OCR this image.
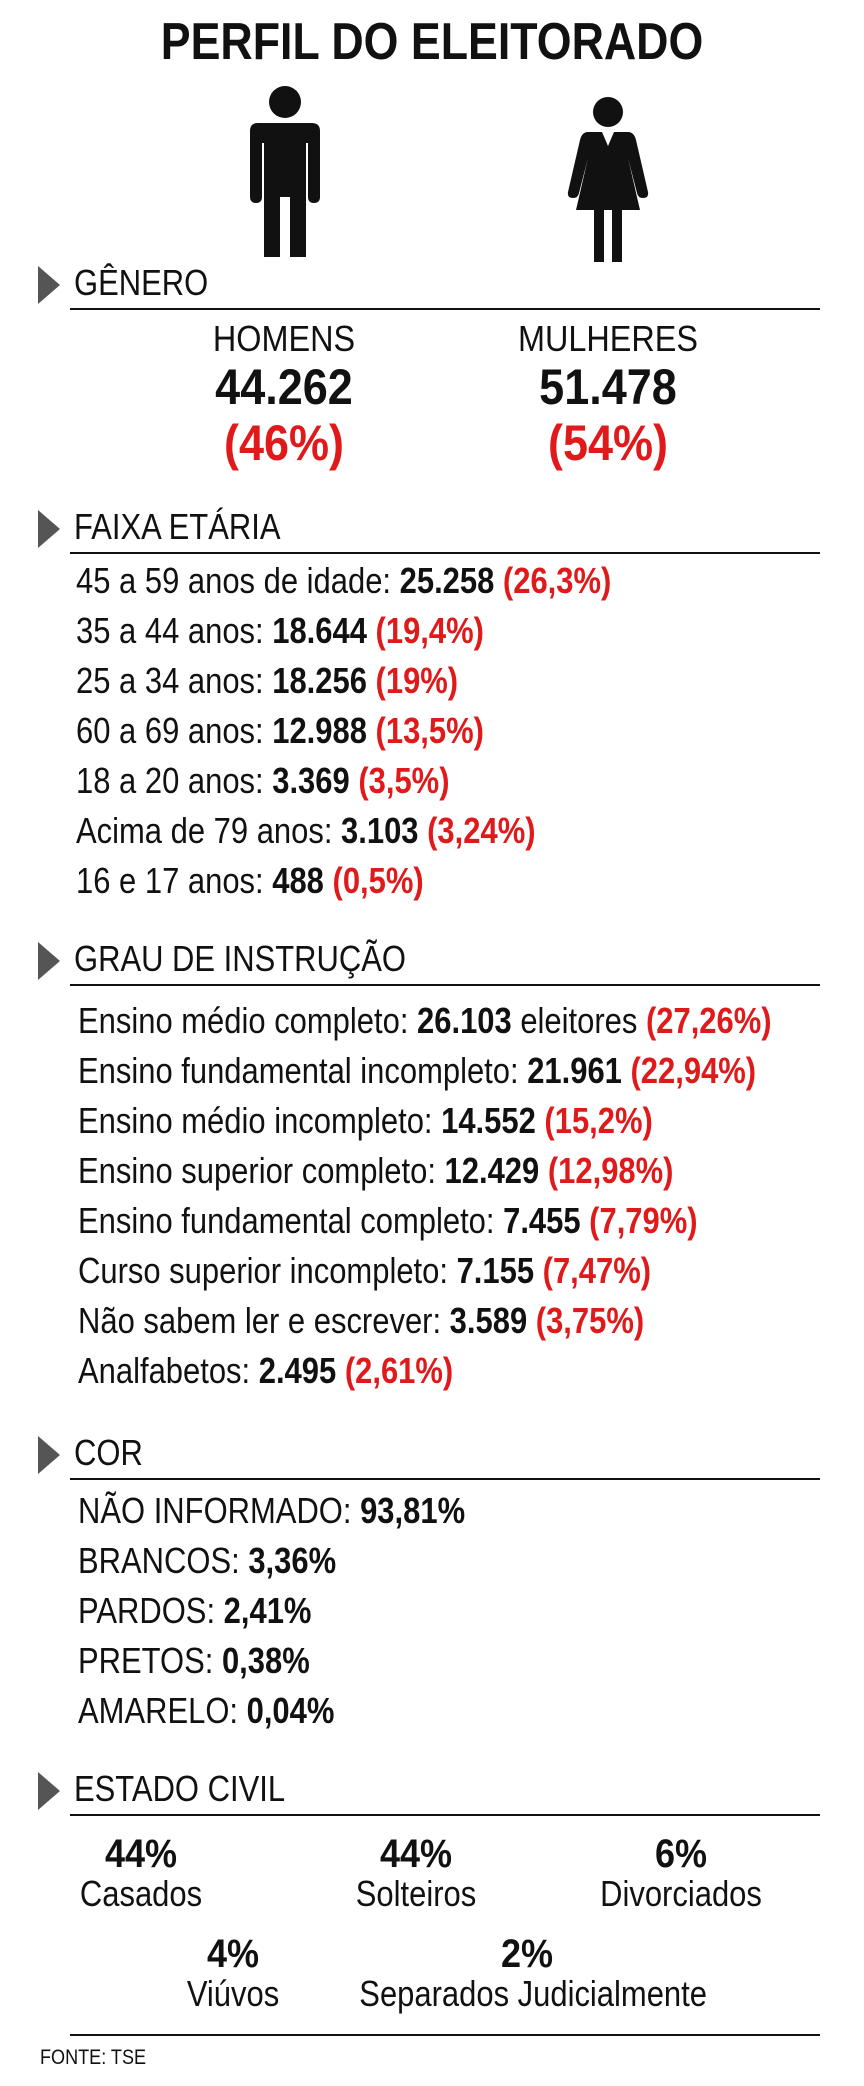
PERFIL DO ELEITORADO
GÊNERO
HOMENS
44.262
(46%)
MULHERES
51.478
(54%)
FAIXA ETÁRIA
45 a 59 anos de idade: 25.258 (26,3%)
35 a 44 anos: 18.644 (19,4%)
25 a 34 anos: 18.256 (19%)
60 a 69 anos: 12.988 (13,5%)
18 a 20 anos: 3.369 (3,5%)
Acima de 79 anos: 3.103 (3,24%)
16 e 17 anos: 488 (0,5%)
GRAU DE INSTRUÇÃO
Ensino médio completo: 26.103 eleitores (27,26%)
Ensino fundamental incompleto: 21.961 (22,94%)
Ensino médio incompleto: 14.552 (15,2%)
Ensino superior completo: 12.429 (12,98%)
Ensino fundamental completo: 7.455 (7,79%)
Curso superior incompleto: 7.155 (7,47%)
Não sabem ler e escrever: 3.589 (3,75%)
Analfabetos: 2.495 (2,61%)
COR
NÃO INFORMADO: 93,81%
BRANCOS: 3,36%
PARDOS: 2,41%
PRETOS: 0,38%
AMARELO: 0,04%
ESTADO CIVIL
44%
Casados
44%
Solteiros
6%
Divorciados
4%
Viúvos
2%
Separados Judicialmente
FONTE: TSE
